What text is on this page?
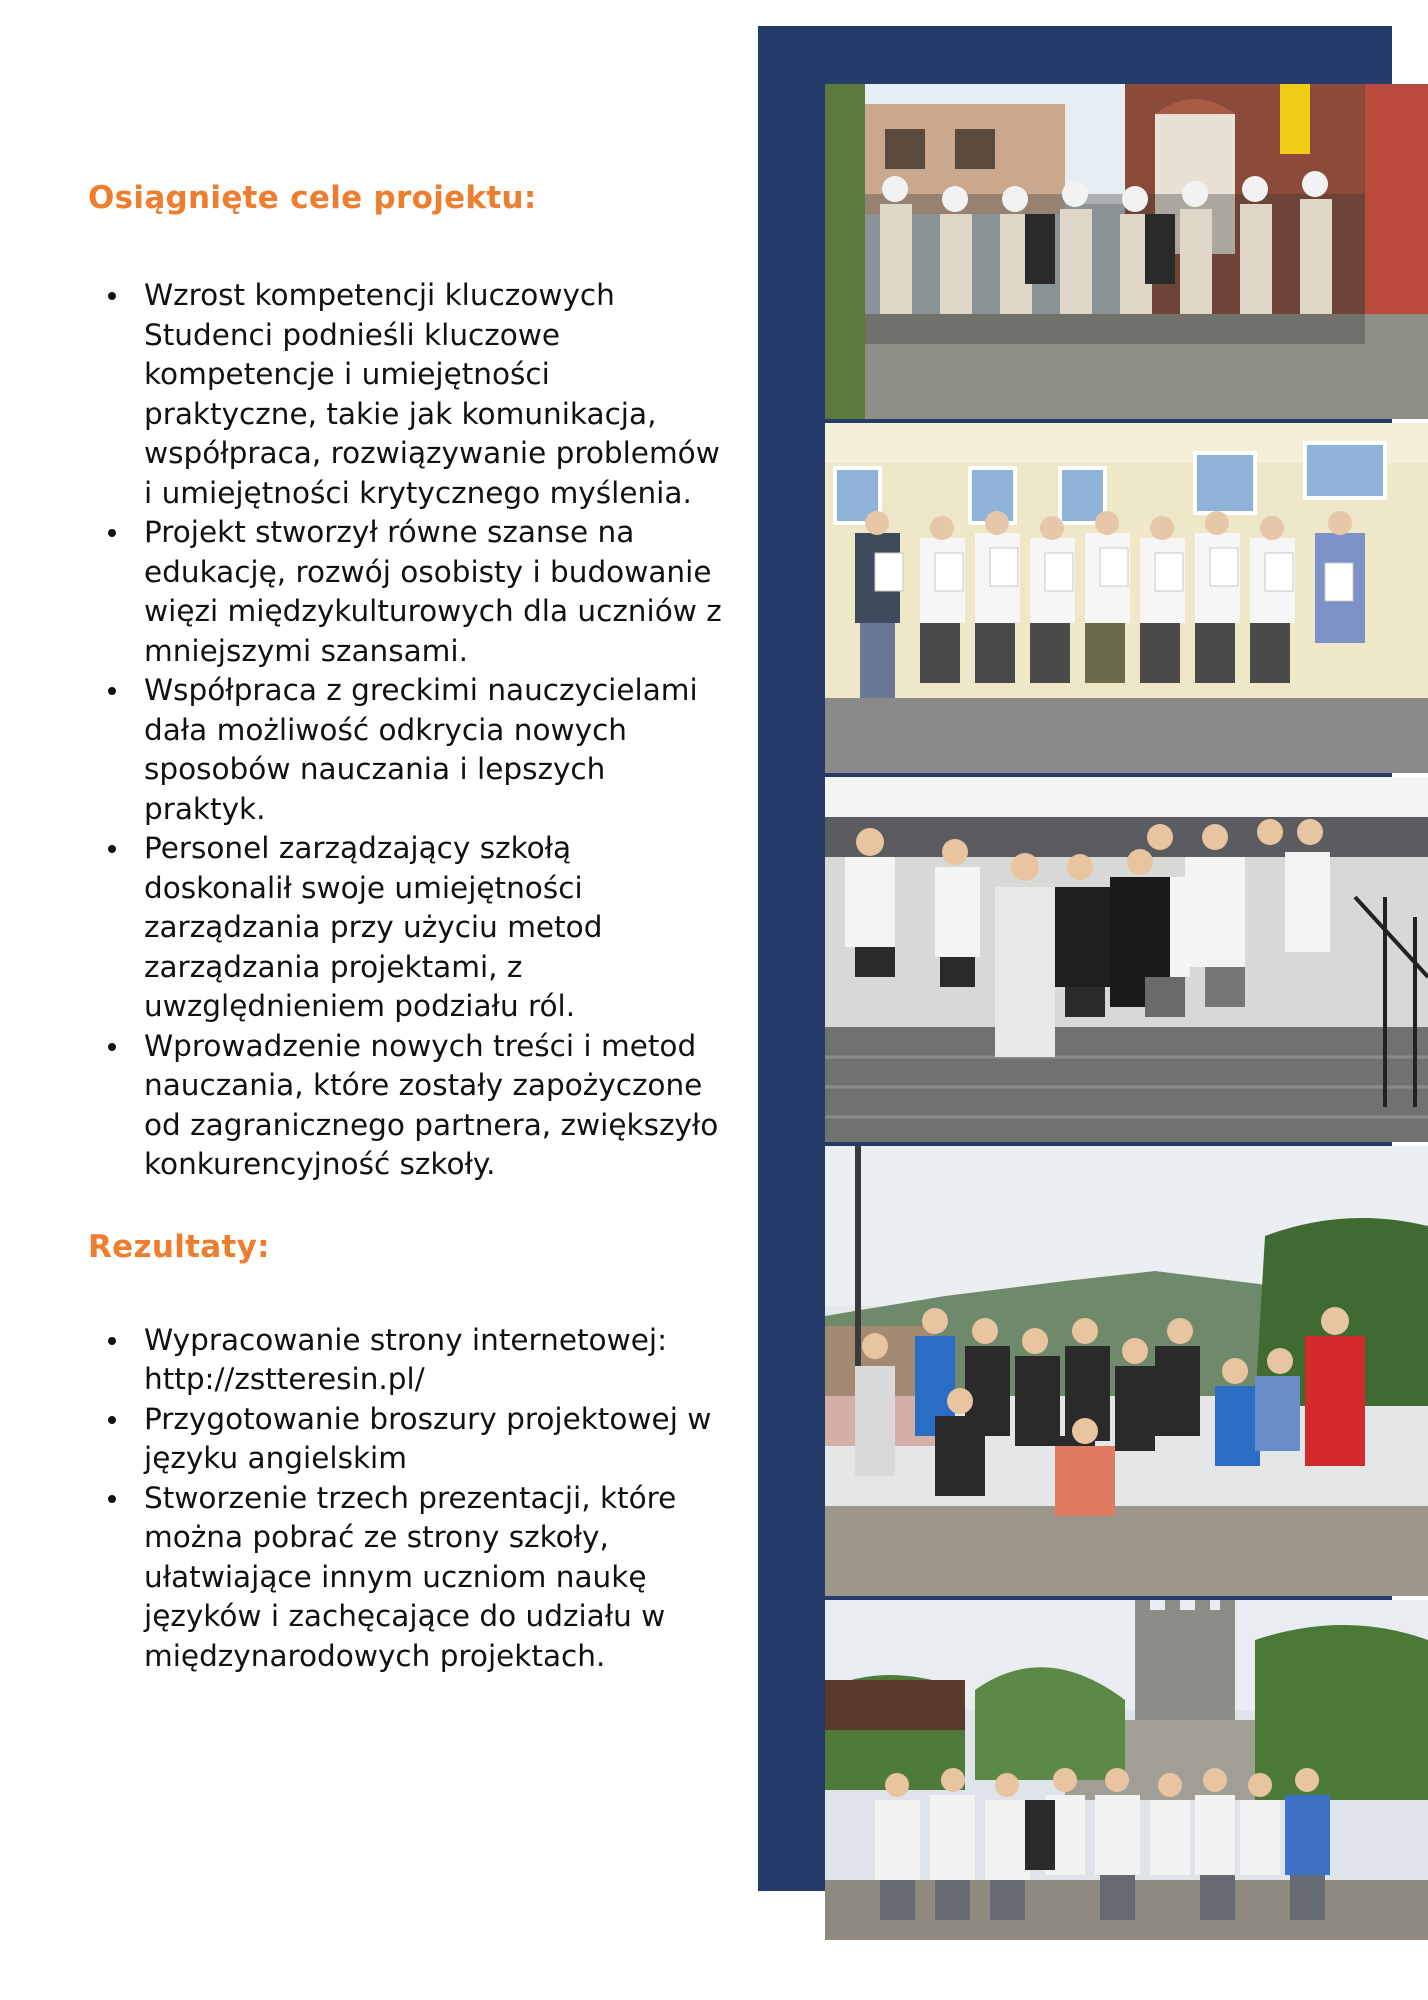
Osiągnięte cele projektu:
Wzrost kompetencji kluczowych Studenci podnieśli kluczowe kompetencje i umiejętności praktyczne, takie jak komunikacja, współpraca, rozwiązywanie problemów i umiejętności krytycznego myślenia.
Projekt stworzył równe szanse na edukację, rozwój osobisty i budowanie więzi międzykulturowych dla uczniów z mniejszymi szansami.
Współpraca z greckimi nauczycielami dała możliwość odkrycia nowych sposobów nauczania i lepszych praktyk.
Personel zarządzający szkołą doskonalił swoje umiejętności zarządzania przy użyciu metod zarządzania projektami, z uwzględnieniem podziału ról.
Wprowadzenie nowych treści i metod nauczania, które zostały zapożyczone od zagranicznego partnera, zwiększyło konkurencyjność szkoły.
Rezultaty:
Wypracowanie strony internetowej: http://zstteresin.pl/
Przygotowanie broszury projektowej w języku angielskim
Stworzenie trzech prezentacji, które można pobrać ze strony szkoły, ułatwiające innym uczniom naukę języków i zachęcające do udziału w międzynarodowych projektach.
